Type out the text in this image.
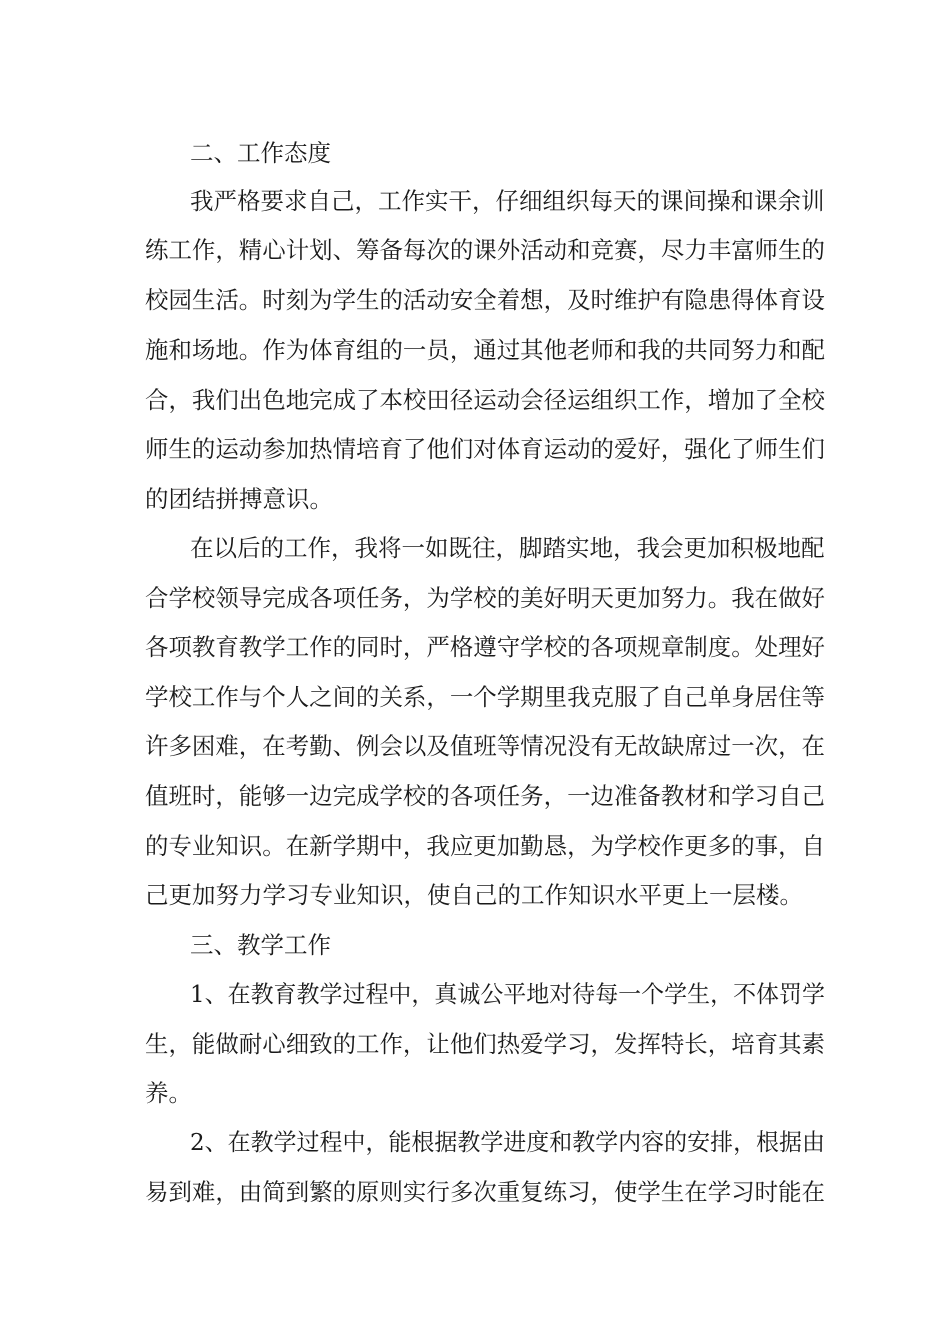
二、工作态度
我严格要求自己，工作实干，仔细组织每天的课间操和课余训
练工作，精心计划、筹备每次的课外活动和竞赛，尽力丰富师生的
校园生活。时刻为学生的活动安全着想，及时维护有隐患得体育设
施和场地。作为体育组的一员，通过其他老师和我的共同努力和配
合，我们出色地完成了本校田径运动会径运组织工作，增加了全校
师生的运动参加热情培育了他们对体育运动的爱好，强化了师生们
的团结拼搏意识。
在以后的工作，我将一如既往，脚踏实地，我会更加积极地配
合学校领导完成各项任务，为学校的美好明天更加努力。我在做好
各项教育教学工作的同时，严格遵守学校的各项规章制度。处理好
学校工作与个人之间的关系，一个学期里我克服了自己单身居住等
许多困难，在考勤、例会以及值班等情况没有无故缺席过一次，在
值班时，能够一边完成学校的各项任务，一边准备教材和学习自己
的专业知识。在新学期中，我应更加勤恳，为学校作更多的事，自
己更加努力学习专业知识，使自己的工作知识水平更上一层楼。
三、教学工作
1、在教育教学过程中，真诚公平地对待每一个学生，不体罚学
生，能做耐心细致的工作，让他们热爱学习，发挥特长，培育其素
养。
2、在教学过程中，能根据教学进度和教学内容的安排，根据由
易到难，由简到繁的原则实行多次重复练习，使学生在学习时能在
